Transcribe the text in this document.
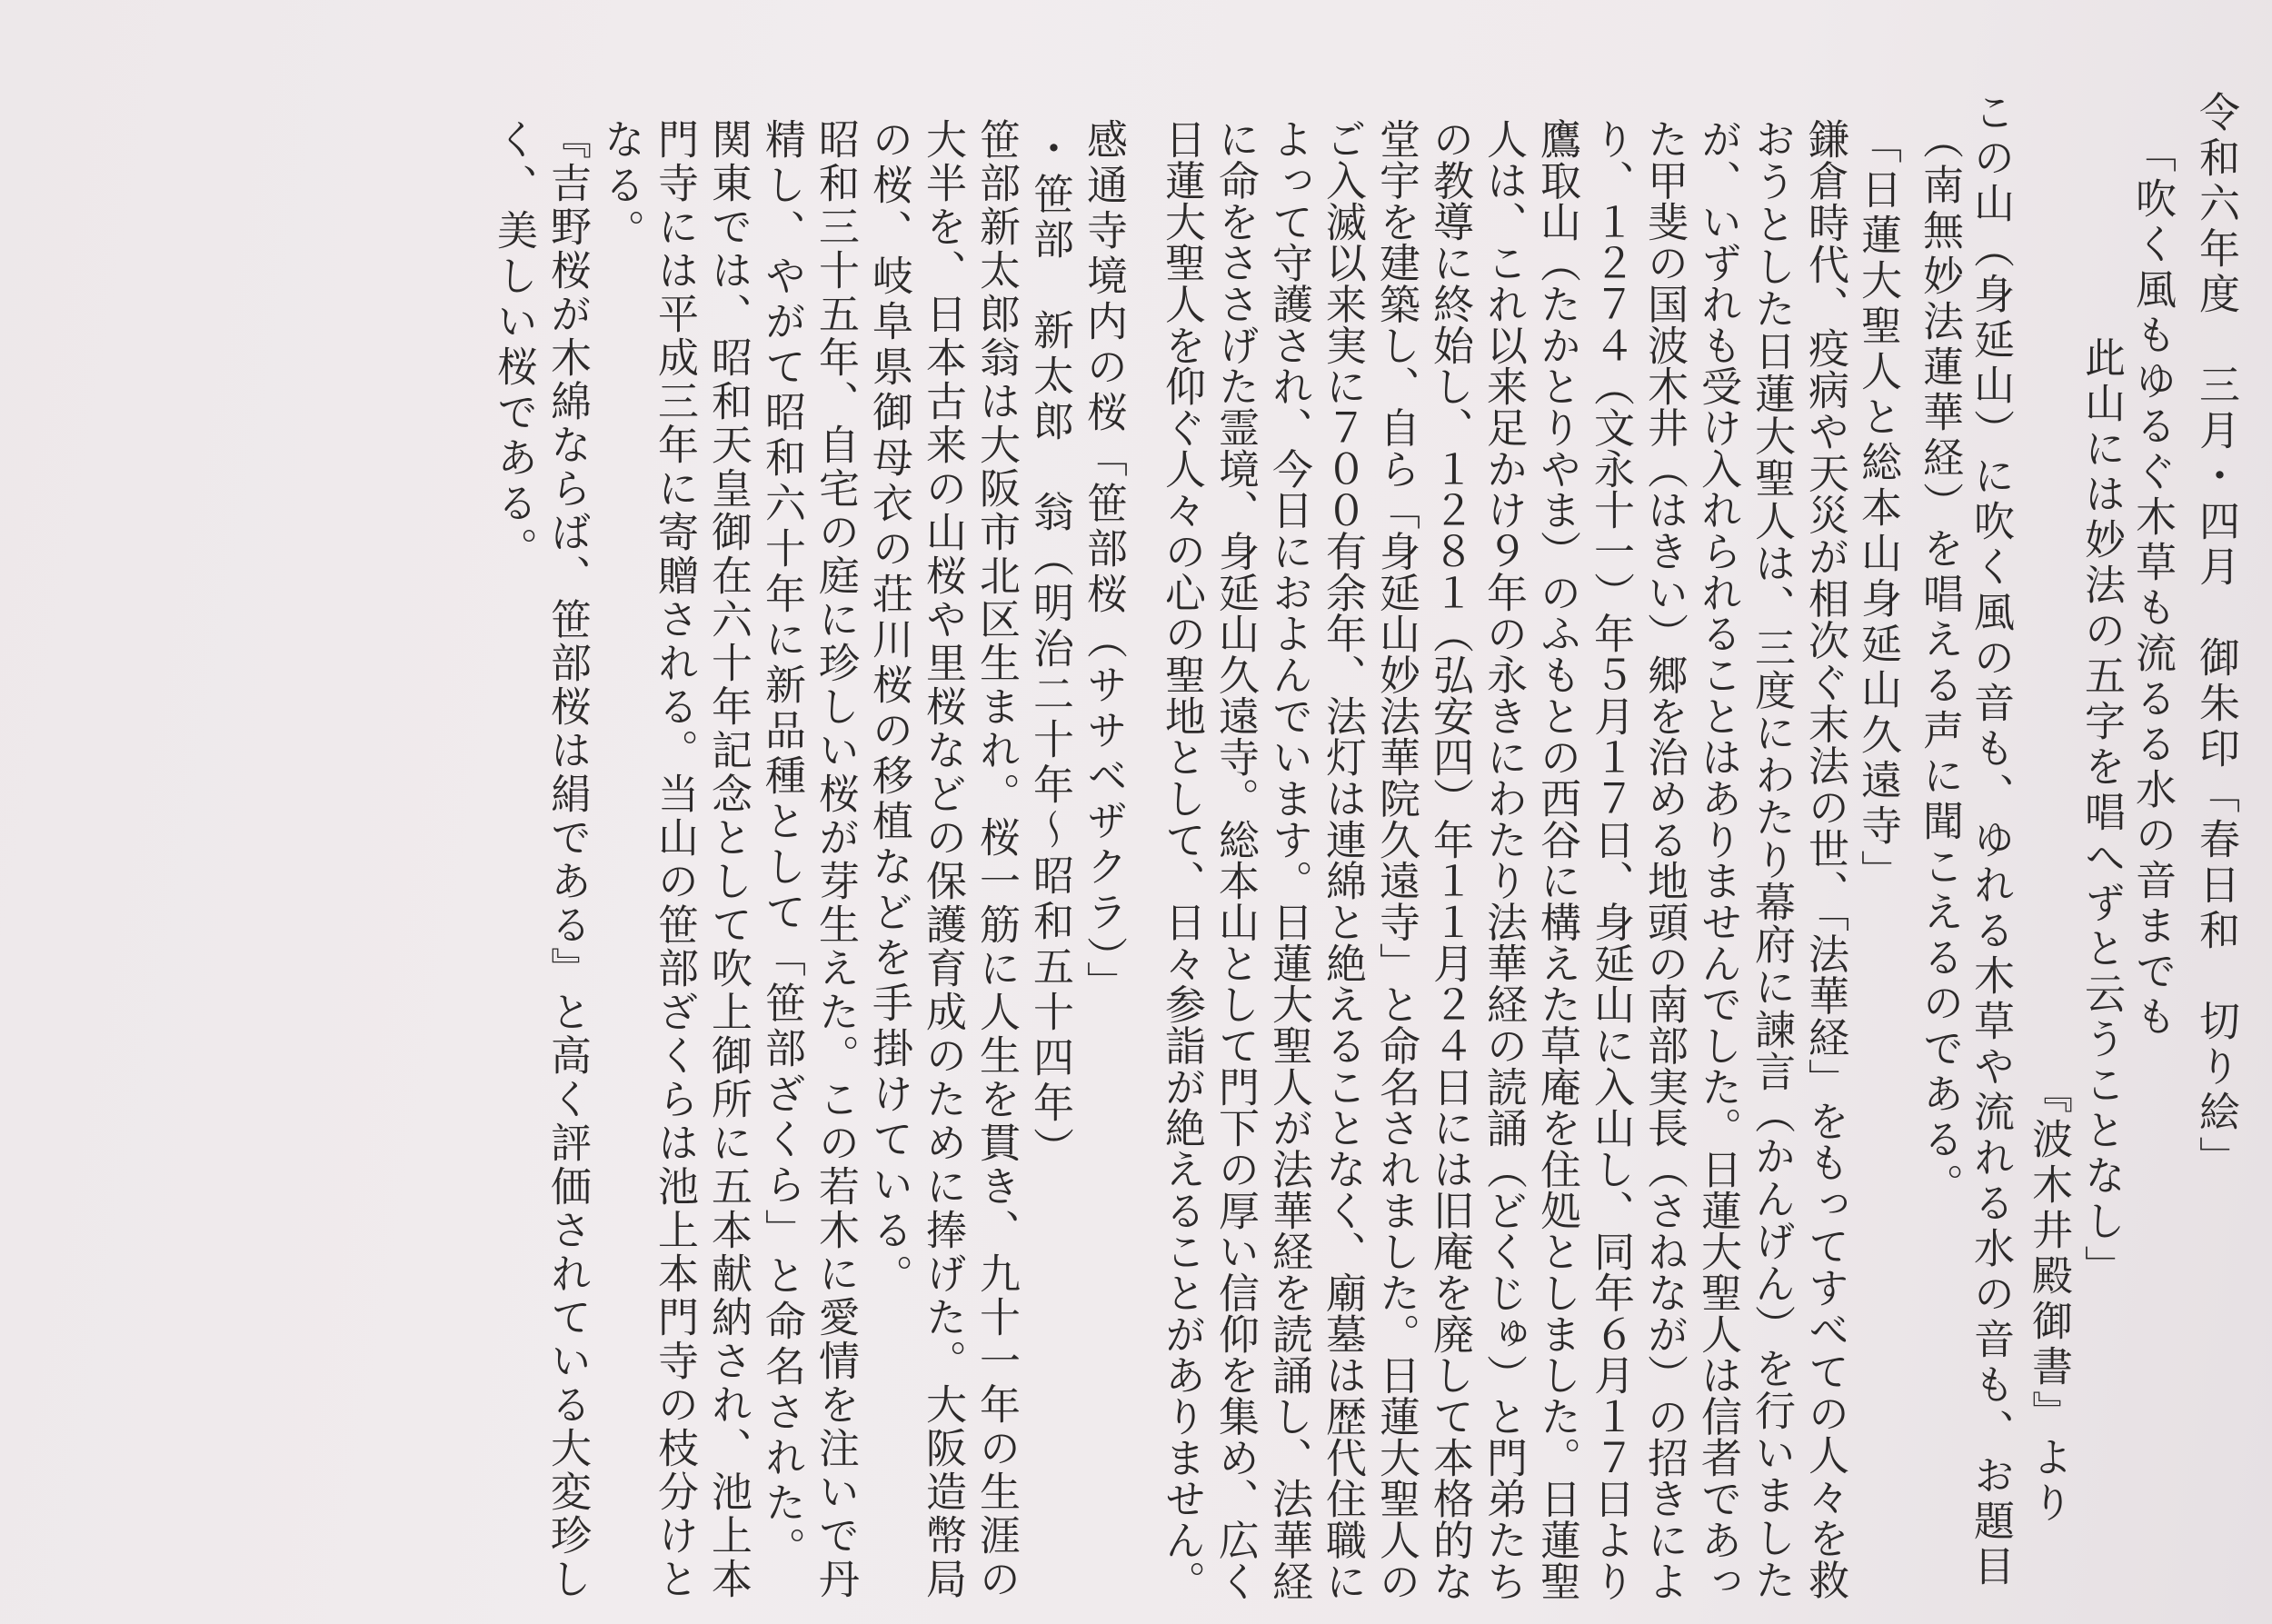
令和六年度　三月・四月　御朱印「春日和　切り絵」
「吹く風もゆるぐ木草も流るる水の音までも
此山には妙法の五字を唱へずと云うことなし」
『波木井殿御書』より
この山（身延山）に吹く風の音も、ゆれる木草や流れる水の音も、お題目
（南無妙法蓮華経）を唱える声に聞こえるのである。
「日蓮大聖人と総本山身延山久遠寺」
鎌倉時代、疫病や天災が相次ぐ末法の世、「法華経」をもってすべての人々を救
おうとした日蓮大聖人は、三度にわたり幕府に諫言（かんげん）を行いました
が、いずれも受け入れられることはありませんでした。日蓮大聖人は信者であっ
た甲斐の国波木井（はきい）郷を治める地頭の南部実長（さねなが）の招きによ
り、１２７４（文永十一）年５月１７日、身延山に入山し、同年６月１７日より
鷹取山（たかとりやま）のふもとの西谷に構えた草庵を住処としました。日蓮聖
人は、これ以来足かけ９年の永きにわたり法華経の読誦（どくじゅ）と門弟たち
の教導に終始し、１２８１（弘安四）年１１月２４日には旧庵を廃して本格的な
堂宇を建築し、自ら「身延山妙法華院久遠寺」と命名されました。日蓮大聖人の
ご入滅以来実に７００有余年、法灯は連綿と絶えることなく、廟墓は歴代住職に
よって守護され、今日におよんでいます。日蓮大聖人が法華経を読誦し、法華経
に命をささげた霊境、身延山久遠寺。総本山として門下の厚い信仰を集め、広く
日蓮大聖人を仰ぐ人々の心の聖地として、日々参詣が絶えることがありません。
感通寺境内の桜「笹部桜（ササベザクラ）」
・笹部　新太郎　翁（明治二十年〜昭和五十四年）
笹部新太郎翁は大阪市北区生まれ。桜一筋に人生を貫き、九十一年の生涯の
大半を、日本古来の山桜や里桜などの保護育成のために捧げた。大阪造幣局
の桜、岐阜県御母衣の荘川桜の移植などを手掛けている。
昭和三十五年、自宅の庭に珍しい桜が芽生えた。この若木に愛情を注いで丹
精し、やがて昭和六十年に新品種として「笹部ざくら」と命名された。
関東では、昭和天皇御在六十年記念として吹上御所に五本献納され、池上本
門寺には平成三年に寄贈される。当山の笹部ざくらは池上本門寺の枝分けと
なる。
『吉野桜が木綿ならば、笹部桜は絹である』と高く評価されている大変珍し
く、美しい桜である。
